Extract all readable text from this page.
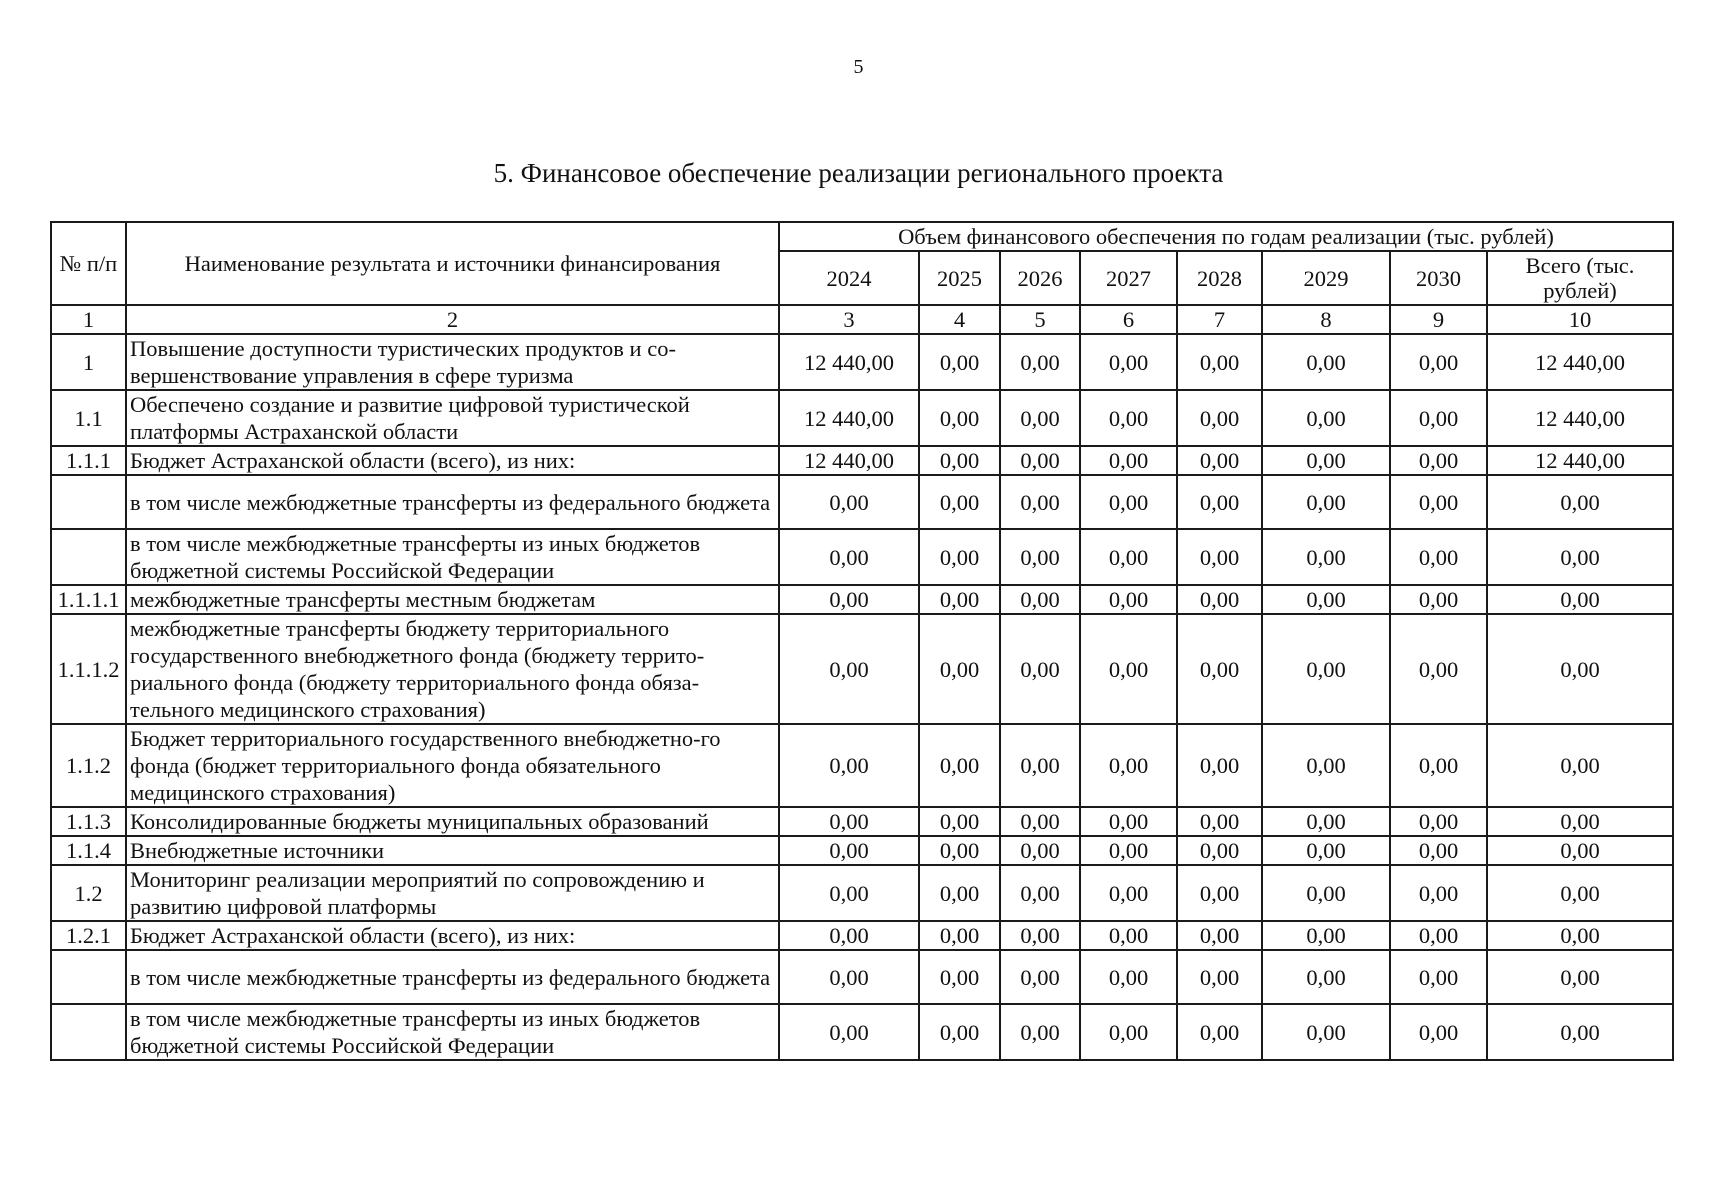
5
5. Финансовое обеспечение реализации регионального проекта
№ п/п	Наименование результата и источники финансирования	Объем финансового обеспечения по годам реализации (тыс. рублей)							
		2024	2025	2026	2027	2028	2029	2030	Всего (тыс. рублей)
1	2	3	4	5	6	7	8	9	10
1	Повышение доступности туристических продуктов и со-вершенствование управления в сфере туризма	12 440,00	0,00	0,00	0,00	0,00	0,00	0,00	12 440,00
1.1	Обеспечено создание и развитие цифровой туристической платформы Астраханской области	12 440,00	0,00	0,00	0,00	0,00	0,00	0,00	12 440,00
1.1.1	Бюджет Астраханской области (всего), из них:	12 440,00	0,00	0,00	0,00	0,00	0,00	0,00	12 440,00
	в том числе межбюджетные трансферты из федерального бюджета	0,00	0,00	0,00	0,00	0,00	0,00	0,00	0,00
	в том числе межбюджетные трансферты из иных бюджетов бюджетной системы Российской Федерации	0,00	0,00	0,00	0,00	0,00	0,00	0,00	0,00
1.1.1.1	межбюджетные трансферты местным бюджетам	0,00	0,00	0,00	0,00	0,00	0,00	0,00	0,00
1.1.1.2	межбюджетные трансферты бюджету территориального государственного внебюджетного фонда (бюджету террито-риального фонда (бюджету территориального фонда обяза-тельного медицинского страхования)	0,00	0,00	0,00	0,00	0,00	0,00	0,00	0,00
1.1.2	Бюджет территориального государственного внебюджетно-го фонда (бюджет территориального фонда обязательного медицинского страхования)	0,00	0,00	0,00	0,00	0,00	0,00	0,00	0,00
1.1.3	Консолидированные бюджеты муниципальных образований	0,00	0,00	0,00	0,00	0,00	0,00	0,00	0,00
1.1.4	Внебюджетные источники	0,00	0,00	0,00	0,00	0,00	0,00	0,00	0,00
1.2	Мониторинг реализации мероприятий по сопровождению и развитию цифровой платформы	0,00	0,00	0,00	0,00	0,00	0,00	0,00	0,00
1.2.1	Бюджет Астраханской области (всего), из них:	0,00	0,00	0,00	0,00	0,00	0,00	0,00	0,00
	в том числе межбюджетные трансферты из федерального бюджета	0,00	0,00	0,00	0,00	0,00	0,00	0,00	0,00
	в том числе межбюджетные трансферты из иных бюджетов бюджетной системы Российской Федерации	0,00	0,00	0,00	0,00	0,00	0,00	0,00	0,00
